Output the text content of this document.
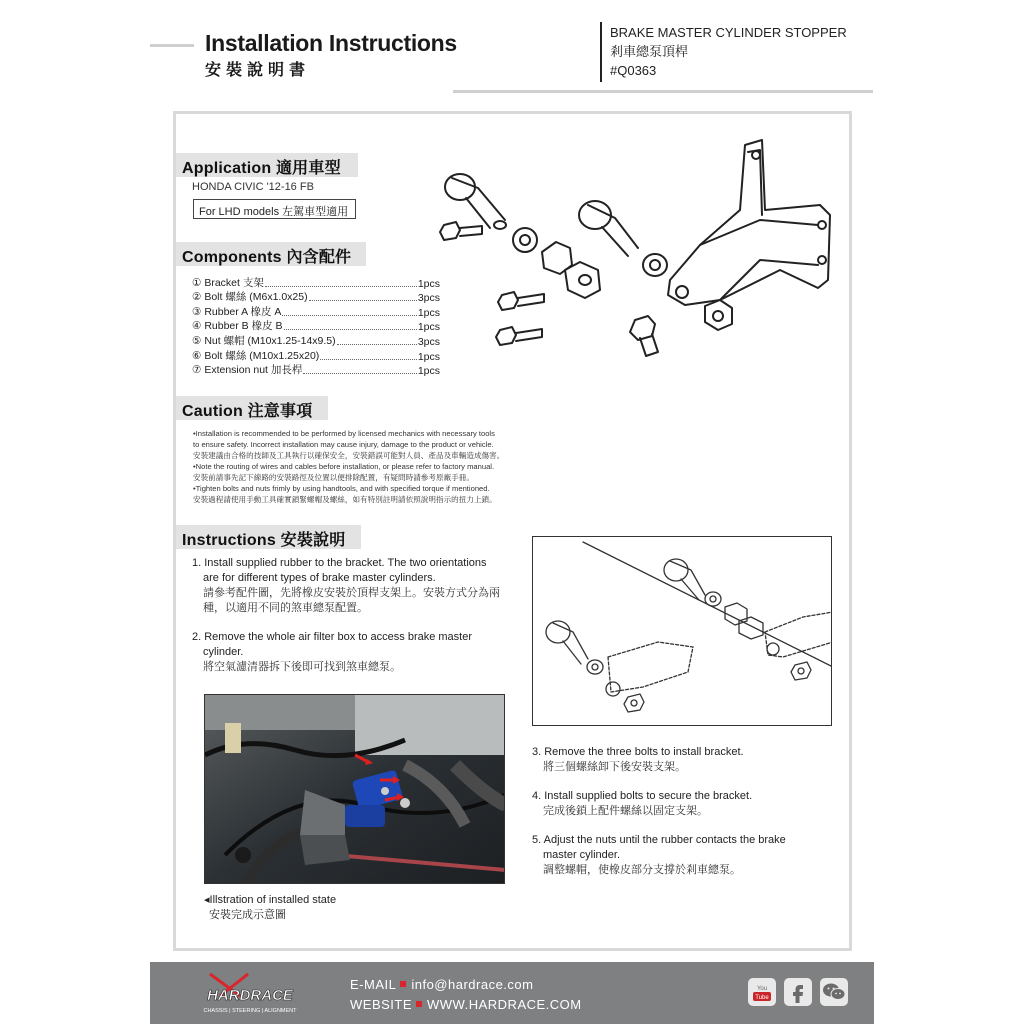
Installation Instructions
安裝說明書
BRAKE MASTER CYLINDER STOPPER
剎車總泵頂桿
#Q0363
Application 適用車型
HONDA CIVIC '12-16 FB
For LHD models 左駕車型適用
Components 內含配件
① Bracket 支架	1pcs
② Bolt 螺絲 (M6x1.0x25)	3pcs
③ Rubber A 橡皮 A	1pcs
④ Rubber B 橡皮 B	1pcs
⑤ Nut 螺帽 (M10x1.25-14x9.5)	3pcs
⑥ Bolt 螺絲 (M10x1.25x20)	1pcs
⑦ Extension nut 加長桿	1pcs
Caution 注意事項

•Installation is recommended to be performed by licensed mechanics with necessary tools

to ensure safety. Incorrect installation may cause injury, damage to the product or vehicle.

安裝建議由合格的技師及工具執行以確保安全，安裝錯誤可能對人員、產品及車輛造成傷害。

•Note the routing of wires and cables before installation, or please refer to factory manual.

安裝前請事先記下線路的安裝路徑及位置以便排除配置，有疑問時請參考原廠手冊。

•Tighten bolts and nuts frimly by using handtools, and with specified torque if mentioned.

安裝過程請使用手動工具確實鎖緊螺帽及螺絲，如有特別註明請依照說明指示的扭力上鎖。

Instructions 安裝說明
1. Install supplied rubber to the bracket. The two orientations
are for different types of brake master cylinders.
請參考配件圖，先將橡皮安裝於頂桿支架上。安裝方式分為兩
種，以適用不同的煞車總泵配置。
2. Remove the whole air filter box to access brake master
cylinder.
將空氣濾清器拆下後即可找到煞車總泵。
◂Illstration of installed state
安裝完成示意圖
3. Remove the three bolts to install bracket.
將三個螺絲卸下後安裝支架。
4. Install supplied bolts to secure the bracket.
完成後鎖上配件螺絲以固定支架。
5. Adjust the nuts until the rubber contacts the brake
master cylinder.
調整螺帽，使橡皮部分支撐於剎車總泵。
HARDRACE
CHASSIS | STEERING | ALIGNMENT
E-MAIL info@hardrace.com
WEBSITE WWW.HARDRACE.COM
You
Tube
